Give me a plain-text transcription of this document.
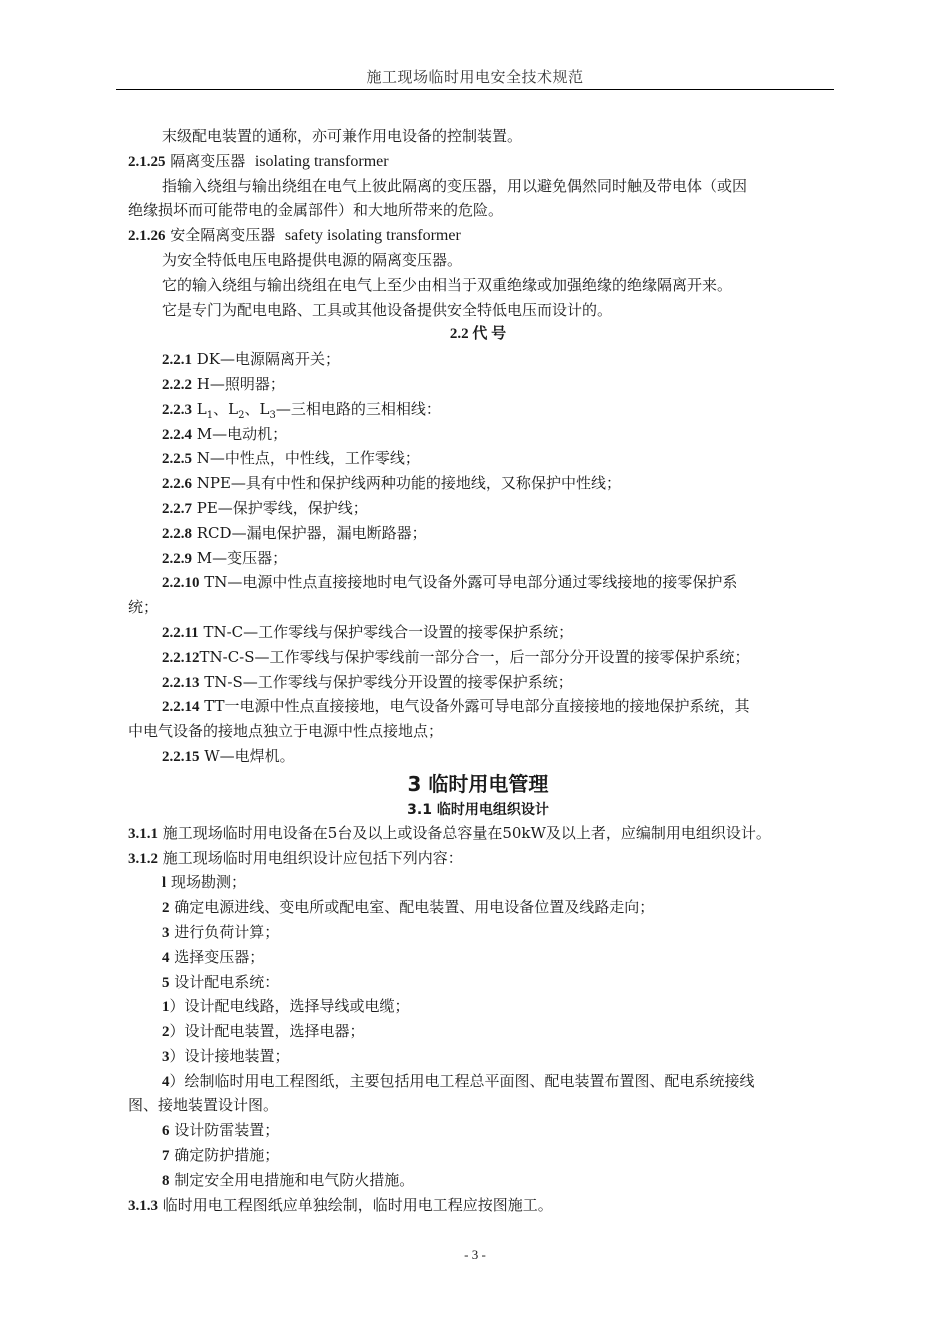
施工现场临时用电安全技术规范
末级配电装置的通称，亦可兼作用电设备的控制装置。
2.1.25 隔离变压器 isolating transformer
指输入绕组与输出绕组在电气上彼此隔离的变压器，用以避免偶然同时触及带电体（或因
绝缘损坏而可能带电的金属部件）和大地所带来的危险。
2.1.26 安全隔离变压器 safety isolating transformer
为安全特低电压电路提供电源的隔离变压器。
它的输入绕组与输出绕组在电气上至少由相当于双重绝缘或加强绝缘的绝缘隔离开来。
它是专门为配电电路、工具或其他设备提供安全特低电压而设计的。
2.2 代 号
2.2.1 DK—电源隔离开关；
2.2.2 H—照明器；
2.2.3 $L_1$、$L_2$、$L_3—$三相电路的三相相线：
2.2.4 M—电动机；
2.2.5 N—中性点，中性线，工作零线；
2.2.6 NPE—具有中性和保护线两种功能的接地线，又称保护中性线；
2.2.7 PE—保护零线，保护线；
2.2.8 RCD—漏电保护器，漏电断路器；
2.2.9 M—变压器；
2.2.10 TN—电源中性点直接接地时电气设备外露可导电部分通过零线接地的接零保护系
统；
2.2.11 TN-C—工作零线与保护零线合一设置的接零保护系统；
2.2.12TN-C-S—工作零线与保护零线前一部分合一，后一部分分开设置的接零保护系统；
2.2.13 TN-S—工作零线与保护零线分开设置的接零保护系统；
2.2.14 TT一电源中性点直接接地，电气设备外露可导电部分直接接地的接地保护系统，其
中电气设备的接地点独立于电源中性点接地点；
2.2.15 W—电焊机。
3 临时用电管理
3.1 临时用电组织设计
3.1.1 施工现场临时用电设备在5台及以上或设备总容量在50kW及以上者，应编制用电组织设计。
3.1.2 施工现场临时用电组织设计应包括下列内容：
l 现场勘测；
2 确定电源进线、变电所或配电室、配电装置、用电设备位置及线路走向；
3 进行负荷计算；
4 选择变压器；
5 设计配电系统：
1）设计配电线路，选择导线或电缆；
2）设计配电装置，选择电器；
3）设计接地装置；
4）绘制临时用电工程图纸，主要包括用电工程总平面图、配电装置布置图、配电系统接线
图、接地装置设计图。
6 设计防雷装置；
7 确定防护措施；
8 制定安全用电措施和电气防火措施。
3.1.3 临时用电工程图纸应单独绘制，临时用电工程应按图施工。
- 3 -
